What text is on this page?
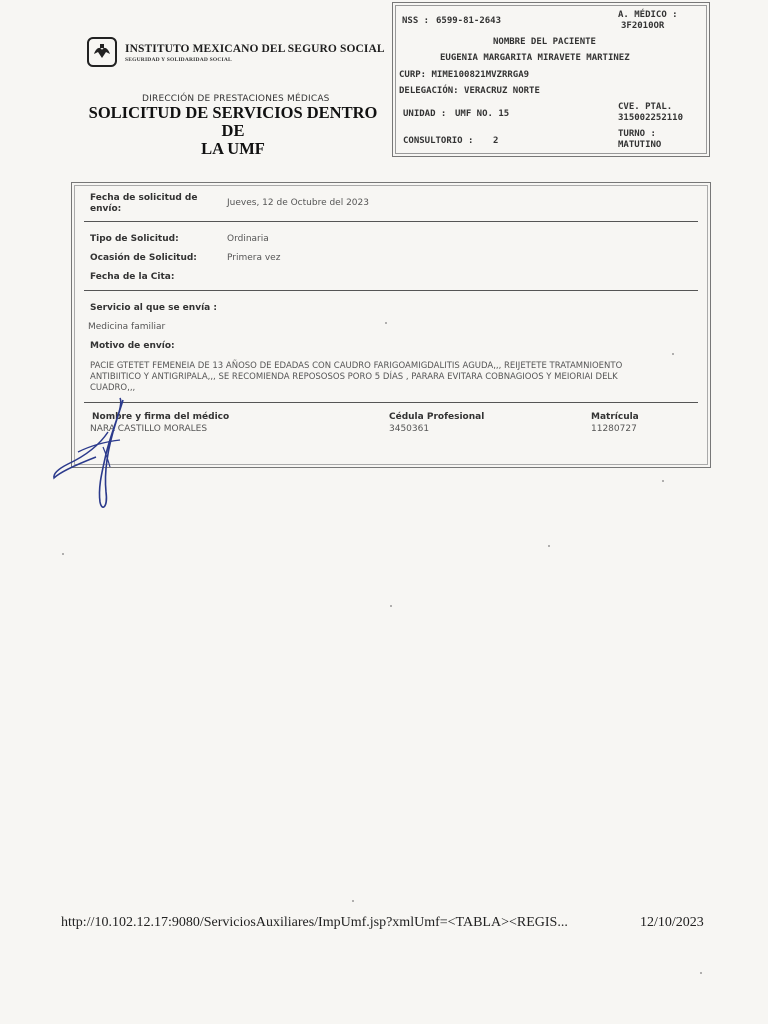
INSTITUTO MEXICANO DEL SEGURO SOCIAL
SEGURIDAD Y SOLIDARIDAD SOCIAL
DIRECCIÓN DE PRESTACIONES MÉDICAS
SOLICITUD DE SERVICIOS DENTRO DE
LA UMF
NSS : 6599-81-2643
A. MÉDICO :
3F2010OR
NOMBRE DEL PACIENTE
EUGENIA MARGARITA MIRAVETE MARTINEZ
CURP: MIME100821MVZRRGA9
DELEGACIÓN: VERACRUZ NORTE
UNIDAD : UMF NO. 15
CVE. PTAL.
315002252110
CONSULTORIO : 2
TURNO :
MATUTINO
Fecha de solicitud de
envío:
Jueves, 12 de Octubre del 2023
Tipo de Solicitud:	Ordinaria
Ocasión de Solicitud:	Primera vez
Fecha de la Cita:
Servicio al que se envía :
Medicina familiar
Motivo de envío:
PACIE GTETET FEMENEIA DE 13 AÑOSO DE EDADAS CON CAUDRO FARIGOAMIGDALITIS AGUDA,,, REIJETETE TRATAMNIOENTO
ANTIBIITICO Y ANTIGRIPALA,,, SE RECOMIENDA REPOSOSOS PORO 5 DÍAS , PARARA EVITARA COBNAGIOOS Y MEIORIAI DELK
CUADRO,,,
Nombre y firma del médico
NARA CASTILLO MORALES
Cédula Profesional
3450361
Matrícula
11280727
http://10.102.12.17:9080/ServiciosAuxiliares/ImpUmf.jsp?xmlUmf=<TABLA><REGIS...	12/10/2023
